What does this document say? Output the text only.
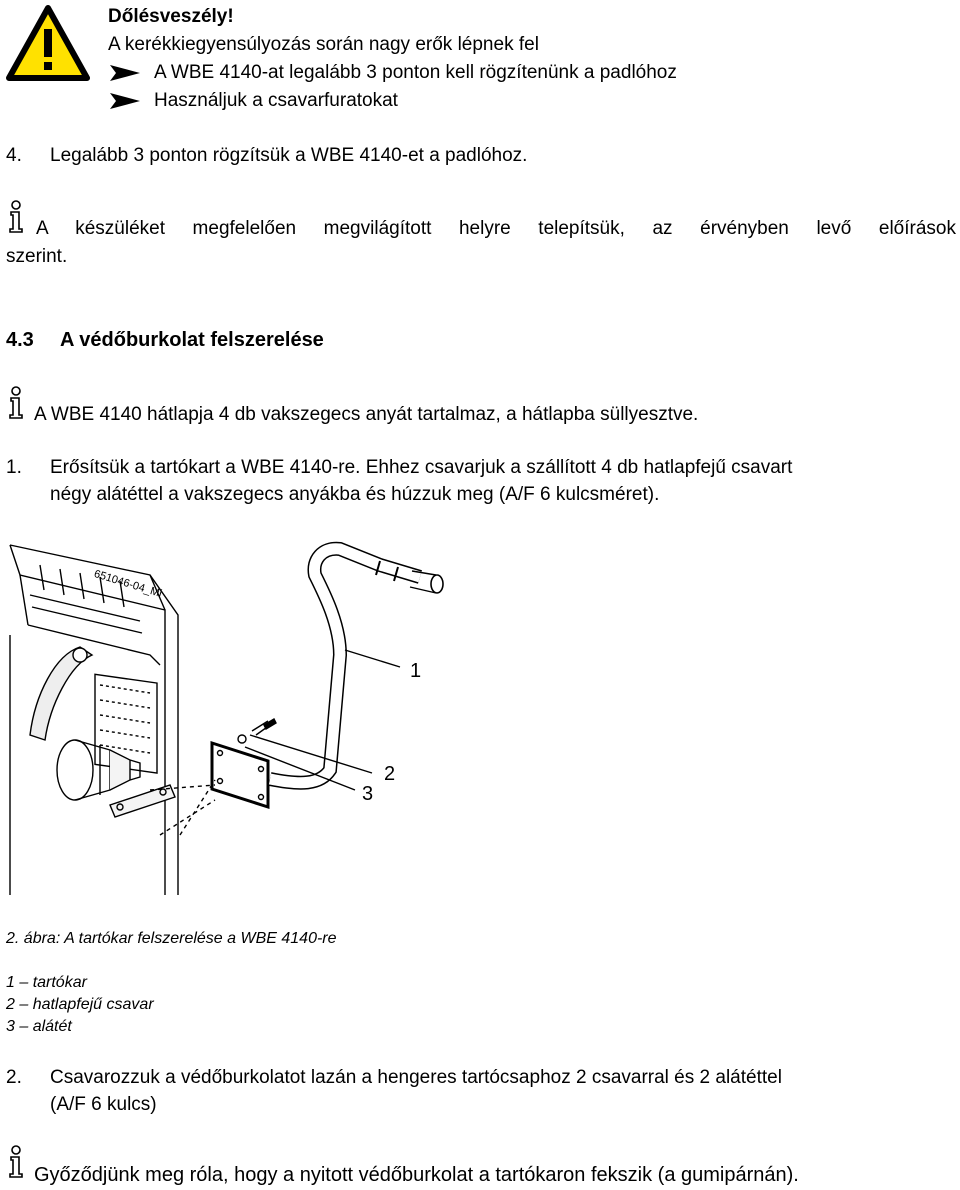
Dőlésveszély!
A kerékkiegyensúlyozás során nagy erők lépnek fel
A WBE 4140-at legalább 3 ponton kell rögzítenünk a padlóhoz
Használjuk a csavarfuratokat
4. Legalább 3 ponton rögzítsük a WBE 4140-et a padlóhoz.
A készüléket megfelelően megvilágított helyre telepítsük, az érvényben levő előírások
szerint.
4.3 A védőburkolat felszerelése
A WBE 4140 hátlapja 4 db vakszegecs anyát tartalmaz, a hátlapba süllyesztve.
1. Erősítsük a tartókart a WBE 4140-re. Ehhez csavarjuk a szállított 4 db hatlapfejű csavart
négy alátéttel a vakszegecs anyákba és húzzuk meg (A/F 6 kulcsméret).
651046-04_Mi
1
2
3
2. ábra: A tartókar felszerelése a WBE 4140-re
1 – tartókar
2 – hatlapfejű csavar
3 – alátét
2. Csavarozzuk a védőburkolatot lazán a hengeres tartócsaphoz 2 csavarral és 2 alátéttel
(A/F 6 kulcs)
Győződjünk meg róla, hogy a nyitott védőburkolat a tartókaron fekszik (a gumipárnán).
